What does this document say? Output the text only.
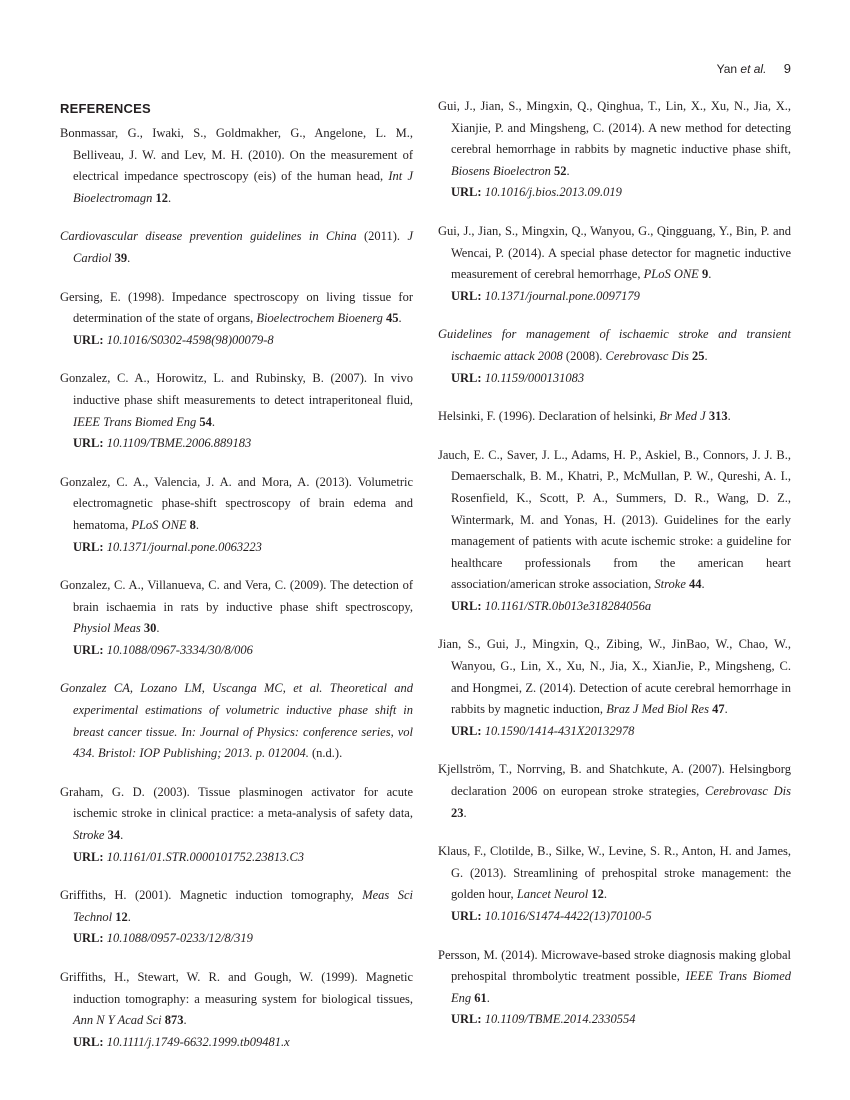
Yan et al. 9
REFERENCES

Bonmassar, G., Iwaki, S., Goldmakher, G., Angelone, L. M., Belliveau, J. W. and Lev, M. H. (2010). On the measurement of electrical impedance spectroscopy (eis) of the human head, Int J Bioelectromagn 12.

Cardiovascular disease prevention guidelines in China (2011). J Cardiol 39.

Gersing, E. (1998). Impedance spectroscopy on living tissue for determination of the state of organs, Bioelectrochem Bioenerg 45.
URL: 10.1016/S0302-4598(98)00079-8

Gonzalez, C. A., Horowitz, L. and Rubinsky, B. (2007). In vivo inductive phase shift measurements to detect intraperitoneal fluid, IEEE Trans Biomed Eng 54.
URL: 10.1109/TBME.2006.889183

Gonzalez, C. A., Valencia, J. A. and Mora, A. (2013). Volumetric electromagnetic phase-shift spectroscopy of brain edema and hematoma, PLoS ONE 8.
URL: 10.1371/journal.pone.0063223

Gonzalez, C. A., Villanueva, C. and Vera, C. (2009). The detection of brain ischaemia in rats by inductive phase shift spectroscopy, Physiol Meas 30.
URL: 10.1088/0967-3334/30/8/006

Gonzalez CA, Lozano LM, Uscanga MC, et al. Theoretical and experimental estimations of volumetric inductive phase shift in breast cancer tissue. In: Journal of Physics: conference series, vol 434. Bristol: IOP Publishing; 2013. p. 012004. (n.d.).

Graham, G. D. (2003). Tissue plasminogen activator for acute ischemic stroke in clinical practice: a meta-analysis of safety data, Stroke 34.
URL: 10.1161/01.STR.0000101752.23813.C3

Griffiths, H. (2001). Magnetic induction tomography, Meas Sci Technol 12.
URL: 10.1088/0957-0233/12/8/319

Griffiths, H., Stewart, W. R. and Gough, W. (1999). Magnetic induction tomography: a measuring system for biological tissues, Ann N Y Acad Sci 873.
URL: 10.1111/j.1749-6632.1999.tb09481.x

Gui, J., Jian, S., Mingxin, Q., Qinghua, T., Lin, X., Xu, N., Jia, X., Xianjie, P. and Mingsheng, C. (2014). A new method for detecting cerebral hemorrhage in rabbits by magnetic inductive phase shift, Biosens Bioelectron 52.
URL: 10.1016/j.bios.2013.09.019

Gui, J., Jian, S., Mingxin, Q., Wanyou, G., Qingguang, Y., Bin, P. and Wencai, P. (2014). A special phase detector for magnetic inductive measurement of cerebral hemorrhage, PLoS ONE 9.
URL: 10.1371/journal.pone.0097179

Guidelines for management of ischaemic stroke and transient ischaemic attack 2008 (2008). Cerebrovasc Dis 25.
URL: 10.1159/000131083

Helsinki, F. (1996). Declaration of helsinki, Br Med J 313.

Jauch, E. C., Saver, J. L., Adams, H. P., Askiel, B., Connors, J. J. B., Demaerschalk, B. M., Khatri, P., McMullan, P. W., Qureshi, A. I., Rosenfield, K., Scott, P. A., Summers, D. R., Wang, D. Z., Wintermark, M. and Yonas, H. (2013). Guidelines for the early management of patients with acute ischemic stroke: a guideline for healthcare professionals from the american heart association/american stroke association, Stroke 44.
URL: 10.1161/STR.0b013e318284056a

Jian, S., Gui, J., Mingxin, Q., Zibing, W., JinBao, W., Chao, W., Wanyou, G., Lin, X., Xu, N., Jia, X., XianJie, P., Mingsheng, C. and Hongmei, Z. (2014). Detection of acute cerebral hemorrhage in rabbits by magnetic induction, Braz J Med Biol Res 47.
URL: 10.1590/1414-431X20132978

Kjellström, T., Norrving, B. and Shatchkute, A. (2007). Helsingborg declaration 2006 on european stroke strategies, Cerebrovasc Dis 23.

Klaus, F., Clotilde, B., Silke, W., Levine, S. R., Anton, H. and James, G. (2013). Streamlining of prehospital stroke management: the golden hour, Lancet Neurol 12.
URL: 10.1016/S1474-4422(13)70100-5

Persson, M. (2014). Microwave-based stroke diagnosis making global prehospital thrombolytic treatment possible, IEEE Trans Biomed Eng 61.
URL: 10.1109/TBME.2014.2330554
